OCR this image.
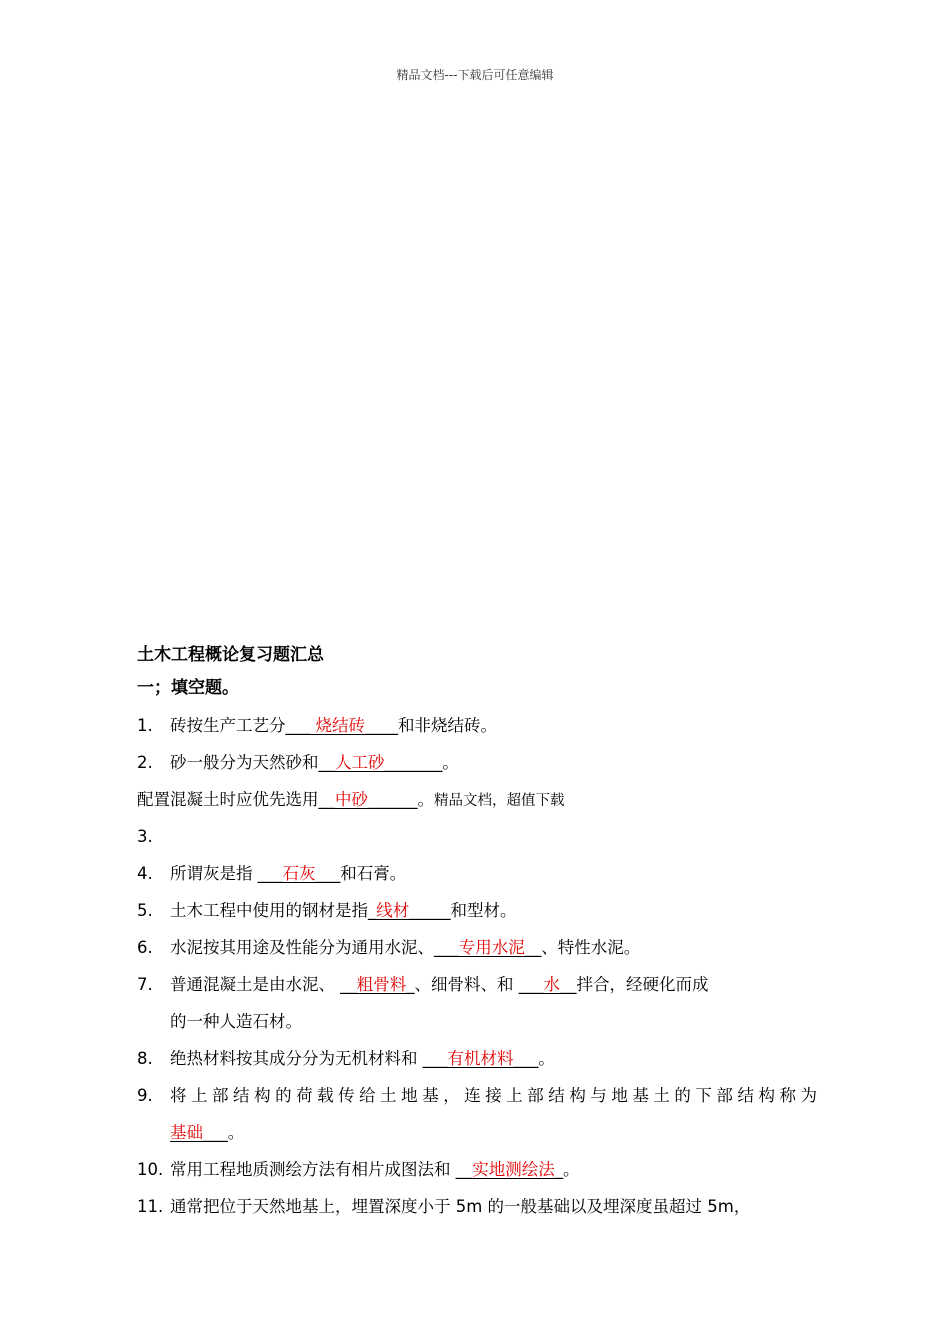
精品文档---下载后可任意编辑
土木工程概论复习题汇总
一；填空题。
1. 砖按生产工艺分___ 烧结砖____和非烧结砖。
2. 砂一般分为天然砂和__人工砂_______。
配置混凝土时应优先选用__中砂______。精品文档，超值下载
3.
4. 所谓灰是指 ___石灰___和石膏。
5. 土木工程中使用的钢材是指_线材_____和型材。
6. 水泥按其用途及性能分为通用水泥、___专用水泥__、特性水泥。
7. 普通混凝土是由水泥、 __粗骨料_、细骨料、和 ___水__拌合，经硬化而成
的一种人造石材。
8. 绝热材料按其成分分为无机材料和 ___有机材料___。
9. 将上部结构的荷载传给土地基，连接上部结构与地基土的下部结构称为
基础___。
10. 常用工程地质测绘方法有相片成图法和 __实地测绘法_。
11. 通常把位于天然地基上，埋置深度小于 5m 的一般基础以及埋深度虽超过 5m，
